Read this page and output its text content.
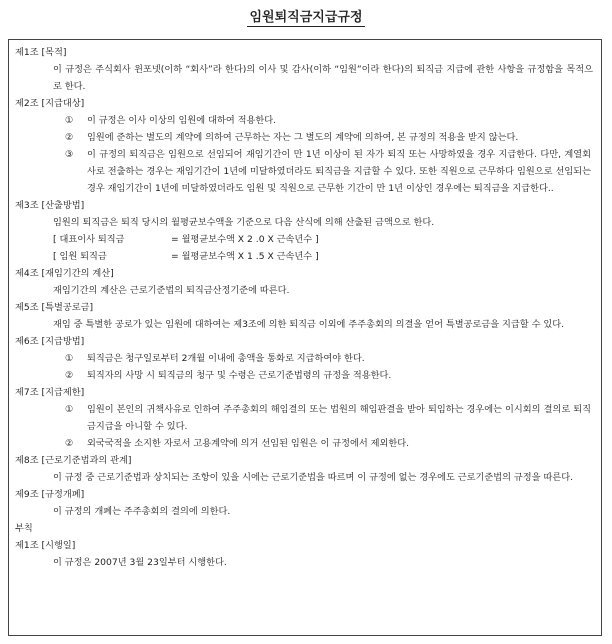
임원퇴직금지급규정
제1조 [목적]
이 규정은 주식회사 윈포넷(이하 “회사”라 한다)의 이사 및 감사(이하 “임원”이라 한다)의 퇴직금 지급에 관한 사항을 규정함을 목적으로 한다.
제2조 [지급대상]
① 이 규정은 이사 이상의 임원에 대하여 적용한다.
② 임원에 준하는 별도의 계약에 의하여 근무하는 자는 그 별도의 계약에 의하여, 본 규정의 적용을 받지 않는다.
③ 이 규정의 퇴직금은 임원으로 선임되어 재임기간이 만 1년 이상이 된 자가 퇴직 또는 사망하였을 경우 지급한다. 다만, 계열회사로 전출하는 경우는 재임기간이 1년에 미달하였더라도 퇴직금을 지급할 수 있다. 또한 직원으로 근무하다 임원으로 선임되는 경우 재임기간이 1년에 미달하였더라도 임원 및 직원으로 근무한 기간이 만 1년 이상인 경우에는 퇴직금을 지급한다..
제3조 [산출방법]
임원의 퇴직금은 퇴직 당시의 월평균보수액을 기준으로 다음 산식에 의해 산출된 금액으로 한다.
[ 대표이사 퇴직금	= 월평균보수액 X 2 .0 X 근속년수 ]
[ 임원 퇴직금	= 월평균보수액 X 1 .5 X 근속년수 ]
제4조 [재임기간의 계산]
재임기간의 계산은 근로기준법의 퇴직금산정기준에 따른다.
제5조 [특별공로금]
재임 중 특별한 공로가 있는 임원에 대하여는 제3조에 의한 퇴직금 이외에 주주총회의 의결을 얻어 특별공로금을 지급할 수 있다.
제6조 [지급방법]
① 퇴직금은 청구일로부터 2개월 이내에 총액을 통화로 지급하여야 한다.
② 퇴직자의 사망 시 퇴직금의 청구 및 수령은 근로기준법령의 규정을 적용한다.
제7조 [지급제한]
① 임원이 본인의 귀책사유로 인하여 주주총회의 해임결의 또는 법원의 해임판결을 받아 퇴임하는 경우에는 이시회의 결의로 퇴직금지급을 아니할 수 있다.
② 외국국적을 소지한 자로서 고용계약에 의거 선임된 임원은 이 규정에서 제외한다.
제8조 [근로기준법과의 관계]
이 규정 중 근로기준법과 상치되는 조항이 있을 시에는 근로기준법을 따르며 이 규정에 없는 경우에도 근로기준법의 규정을 따른다.
제9조 [규정개폐]
이 규정의 개폐는 주주총회의 결의에 의한다.
부칙
제1조 [시행일]
이 규정은 2007년 3월 23일부터 시행한다.
